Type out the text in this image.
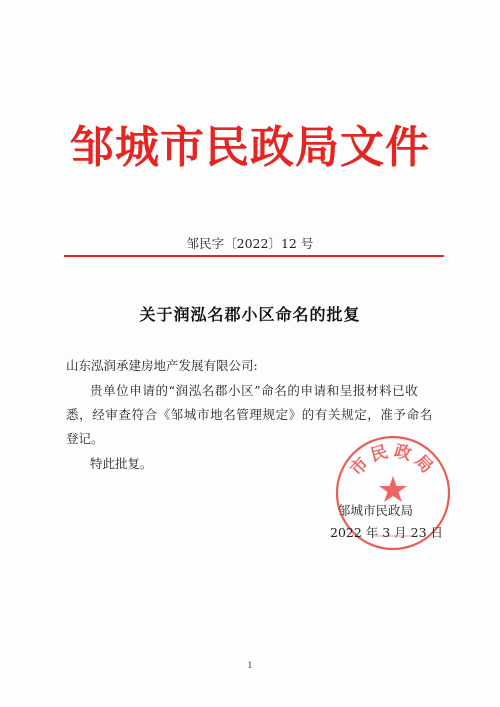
邹城市民政局文件
邹民字〔2022〕12 号
关于润泓名郡小区命名的批复
山东泓润承建房地产发展有限公司:
贵单位申请的“润泓名郡小区”命名的申请和呈报材料已收
悉，经审查符合《邹城市地名管理规定》的有关规定，准予命名
登记。
特此批复。	市民政局
邹城市民政局
2022 年 3 月 23 日
1
